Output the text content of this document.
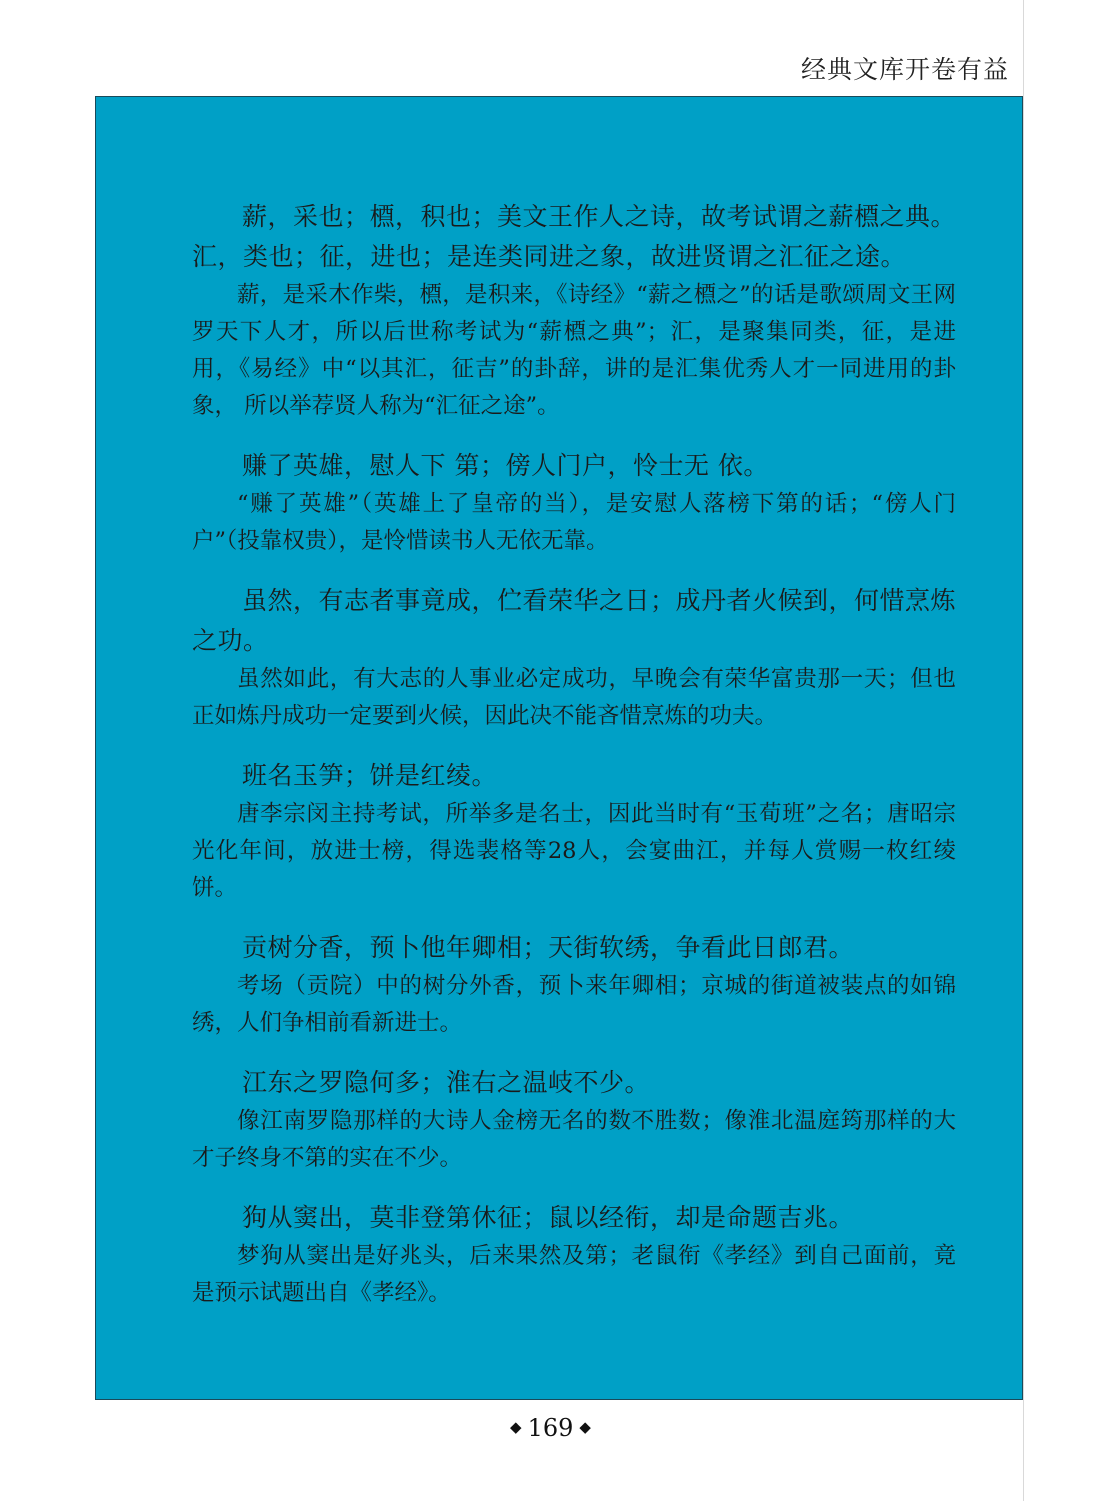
经典文库开卷有益

薪，采也；槱，积也；美文王作人之诗，故考试谓之薪槱之典。汇，类也；征，进也；是连类同进之象，故进贤谓之汇征之途。

薪，是采木作柴，槱，是积来，《诗经》“薪之槱之”的话是歌颂周文王网罗天下人才，所以后世称考试为“薪槱之典”；汇，是聚集同类，征，是进用，《易经》中“以其汇，征吉”的卦辞，讲的是汇集优秀人才一同进用的卦象， 所以举荐贤人称为“汇征之途”。

赚了英雄，慰人下 第；傍人门户，怜士无 依。

“赚了英雄”（英雄上了皇帝的当），是安慰人落榜下第的话；“傍人门户”（投靠权贵），是怜惜读书人无依无靠。

虽然，有志者事竟成，伫看荣华之日；成丹者火候到，何惜烹炼之功。

虽然如此，有大志的人事业必定成功，早晚会有荣华富贵那一天；但也正如炼丹成功一定要到火候，因此决不能吝惜烹炼的功夫。

班名玉笋；饼是红绫。

唐李宗闵主持考试，所举多是名士，因此当时有“玉荀班”之名；唐昭宗光化年间，放进士榜，得选裴格等28人，会宴曲江，并每人赏赐一枚红绫饼。

贡树分香，预卜他年卿相；天街软绣，争看此日郎君。

考场（贡院）中的树分外香，预卜来年卿相；京城的街道被装点的如锦绣，人们争相前看新进士。

江东之罗隐何多；淮右之温岐不少。

像江南罗隐那样的大诗人金榜无名的数不胜数；像淮北温庭筠那样的大才子终身不第的实在不少。

狗从窦出，莫非登第休征；鼠以经衔，却是命题吉兆。

梦狗从窦出是好兆头，后来果然及第；老鼠衔《孝经》到自己面前，竟是预示试题出自《孝经》。

◆ 169 ◆
